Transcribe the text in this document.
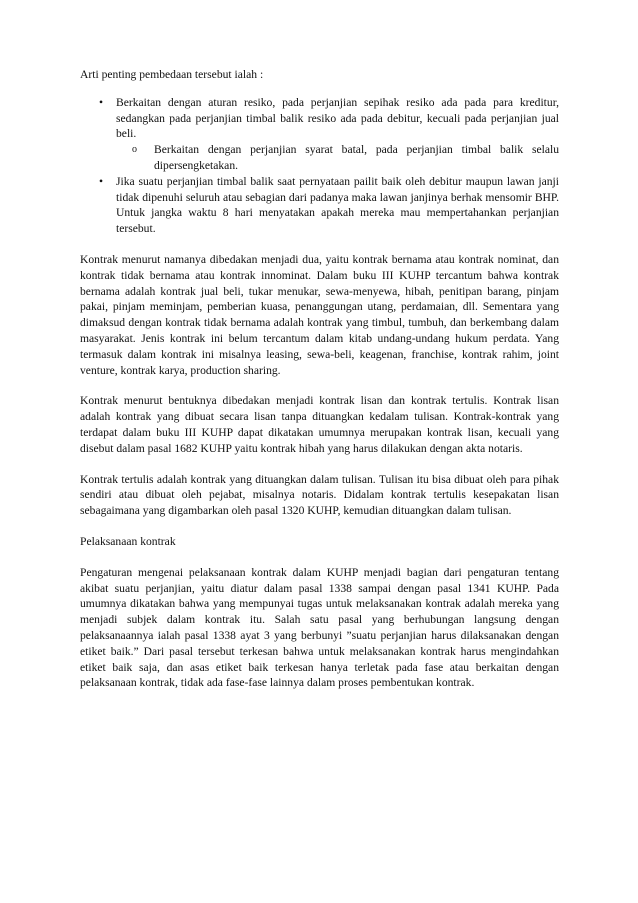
Arti penting pembedaan tersebut ialah :

• Berkaitan dengan aturan resiko, pada perjanjian sepihak resiko ada pada para kreditur, sedangkan pada perjanjian timbal balik resiko ada pada debitur, kecuali pada perjanjian jual beli.
o Berkaitan dengan perjanjian syarat batal, pada perjanjian timbal balik selalu dipersengketakan.
• Jika suatu perjanjian timbal balik saat pernyataan pailit baik oleh debitur maupun lawan janji tidak dipenuhi seluruh atau sebagian dari padanya maka lawan janjinya berhak mensomir BHP. Untuk jangka waktu 8 hari menyatakan apakah mereka mau mempertahankan perjanjian tersebut.

Kontrak menurut namanya dibedakan menjadi dua, yaitu kontrak bernama atau kontrak nominat, dan kontrak tidak bernama atau kontrak innominat. Dalam buku III KUHP tercantum bahwa kontrak bernama adalah kontrak jual beli, tukar menukar, sewa-menyewa, hibah, penitipan barang, pinjam pakai, pinjam meminjam, pemberian kuasa, penanggungan utang, perdamaian, dll. Sementara yang dimaksud dengan kontrak tidak bernama adalah kontrak yang timbul, tumbuh, dan berkembang dalam masyarakat. Jenis kontrak ini belum tercantum dalam kitab undang-undang hukum perdata. Yang termasuk dalam kontrak ini misalnya leasing, sewa-beli, keagenan, franchise, kontrak rahim, joint venture, kontrak karya, production sharing.

Kontrak menurut bentuknya dibedakan menjadi kontrak lisan dan kontrak tertulis. Kontrak lisan adalah kontrak yang dibuat secara lisan tanpa dituangkan kedalam tulisan. Kontrak-kontrak yang terdapat dalam buku III KUHP dapat dikatakan umumnya merupakan kontrak lisan, kecuali yang disebut dalam pasal 1682 KUHP yaitu kontrak hibah yang harus dilakukan dengan akta notaris.

Kontrak tertulis adalah kontrak yang dituangkan dalam tulisan. Tulisan itu bisa dibuat oleh para pihak sendiri atau dibuat oleh pejabat, misalnya notaris. Didalam kontrak tertulis kesepakatan lisan sebagaimana yang digambarkan oleh pasal 1320 KUHP, kemudian dituangkan dalam tulisan.

Pelaksanaan kontrak

Pengaturan mengenai pelaksanaan kontrak dalam KUHP menjadi bagian dari pengaturan tentang akibat suatu perjanjian, yaitu diatur dalam pasal 1338 sampai dengan pasal 1341 KUHP. Pada umumnya dikatakan bahwa yang mempunyai tugas untuk melaksanakan kontrak adalah mereka yang menjadi subjek dalam kontrak itu. Salah satu pasal yang berhubungan langsung dengan pelaksanaannya ialah pasal 1338 ayat 3 yang berbunyi ”suatu perjanjian harus dilaksanakan dengan etiket baik.” Dari pasal tersebut terkesan bahwa untuk melaksanakan kontrak harus mengindahkan etiket baik saja, dan asas etiket baik terkesan hanya terletak pada fase atau berkaitan dengan pelaksanaan kontrak, tidak ada fase-fase lainnya dalam proses pembentukan kontrak.
